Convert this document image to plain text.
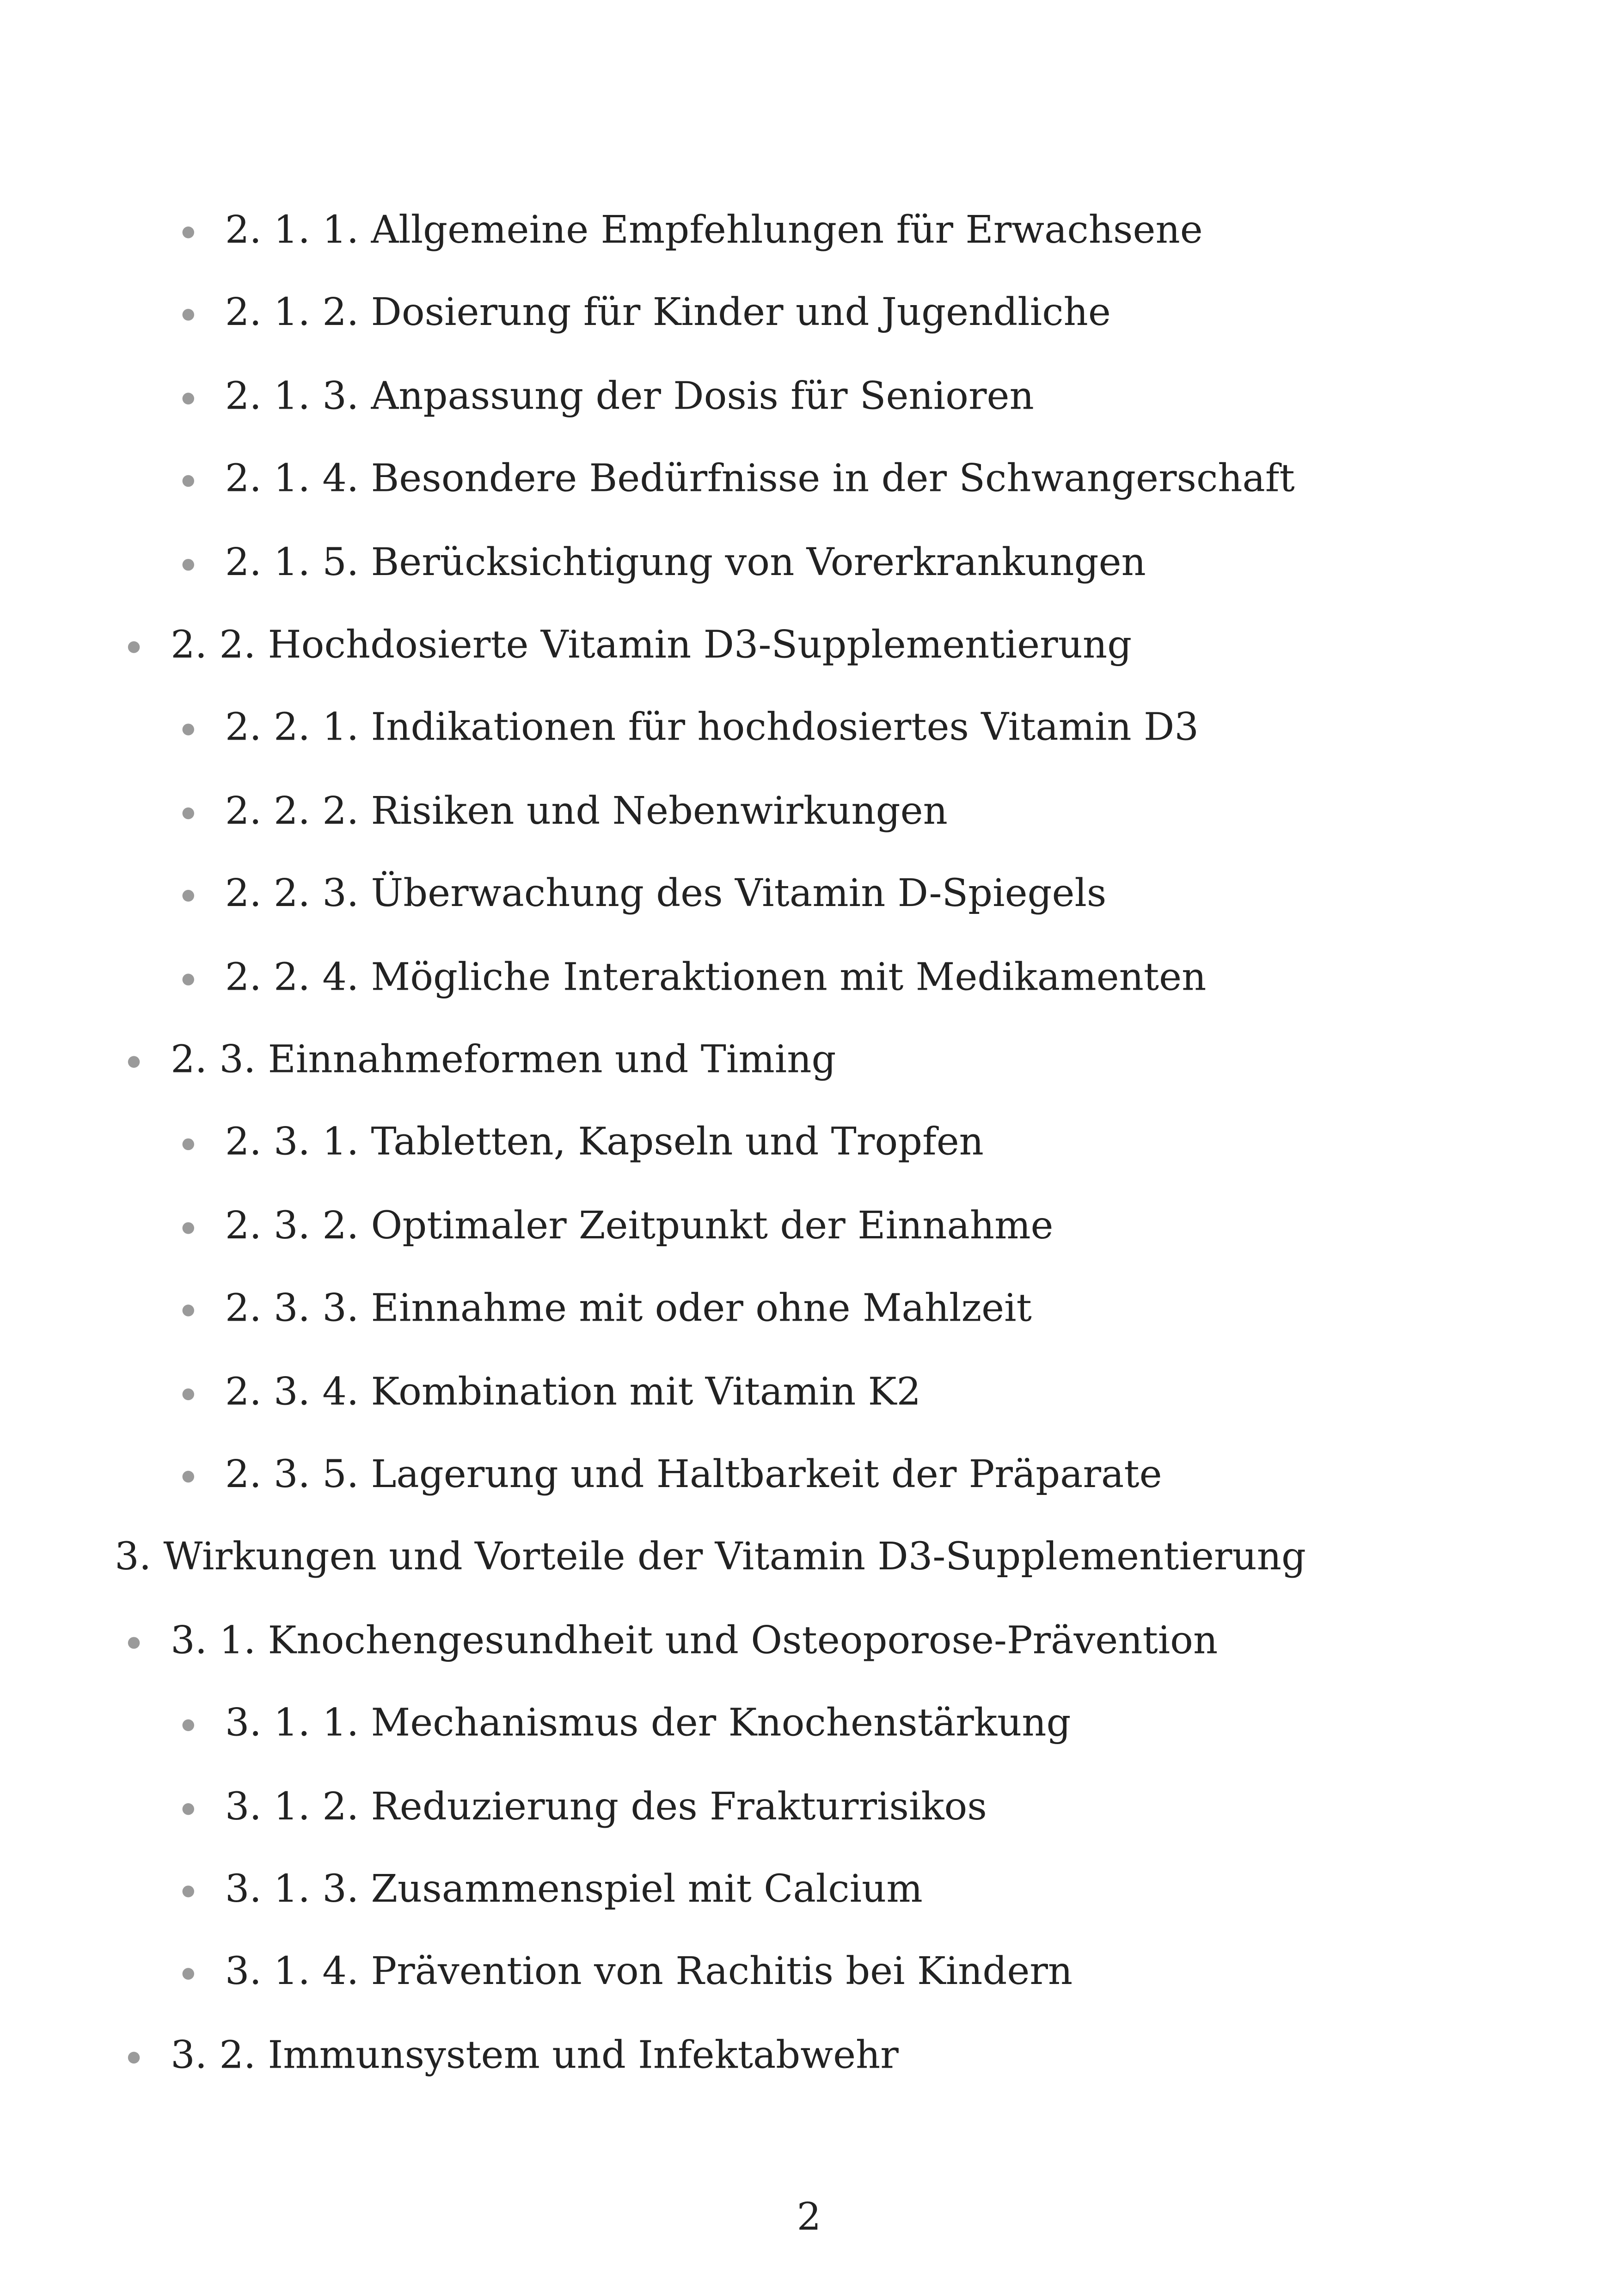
2. 1. 1. Allgemeine Empfehlungen für Erwachsene
2. 1. 2. Dosierung für Kinder und Jugendliche
2. 1. 3. Anpassung der Dosis für Senioren
2. 1. 4. Besondere Bedürfnisse in der Schwangerschaft
2. 1. 5. Berücksichtigung von Vorerkrankungen
2. 2. Hochdosierte Vitamin D3-Supplementierung
2. 2. 1. Indikationen für hochdosiertes Vitamin D3
2. 2. 2. Risiken und Nebenwirkungen
2. 2. 3. Überwachung des Vitamin D-Spiegels
2. 2. 4. Mögliche Interaktionen mit Medikamenten
2. 3. Einnahmeformen und Timing
2. 3. 1. Tabletten, Kapseln und Tropfen
2. 3. 2. Optimaler Zeitpunkt der Einnahme
2. 3. 3. Einnahme mit oder ohne Mahlzeit
2. 3. 4. Kombination mit Vitamin K2
2. 3. 5. Lagerung und Haltbarkeit der Präparate
3. Wirkungen und Vorteile der Vitamin D3-Supplementierung
3. 1. Knochengesundheit und Osteoporose-Prävention
3. 1. 1. Mechanismus der Knochenstärkung
3. 1. 2. Reduzierung des Frakturrisikos
3. 1. 3. Zusammenspiel mit Calcium
3. 1. 4. Prävention von Rachitis bei Kindern
3. 2. Immunsystem und Infektabwehr
2
